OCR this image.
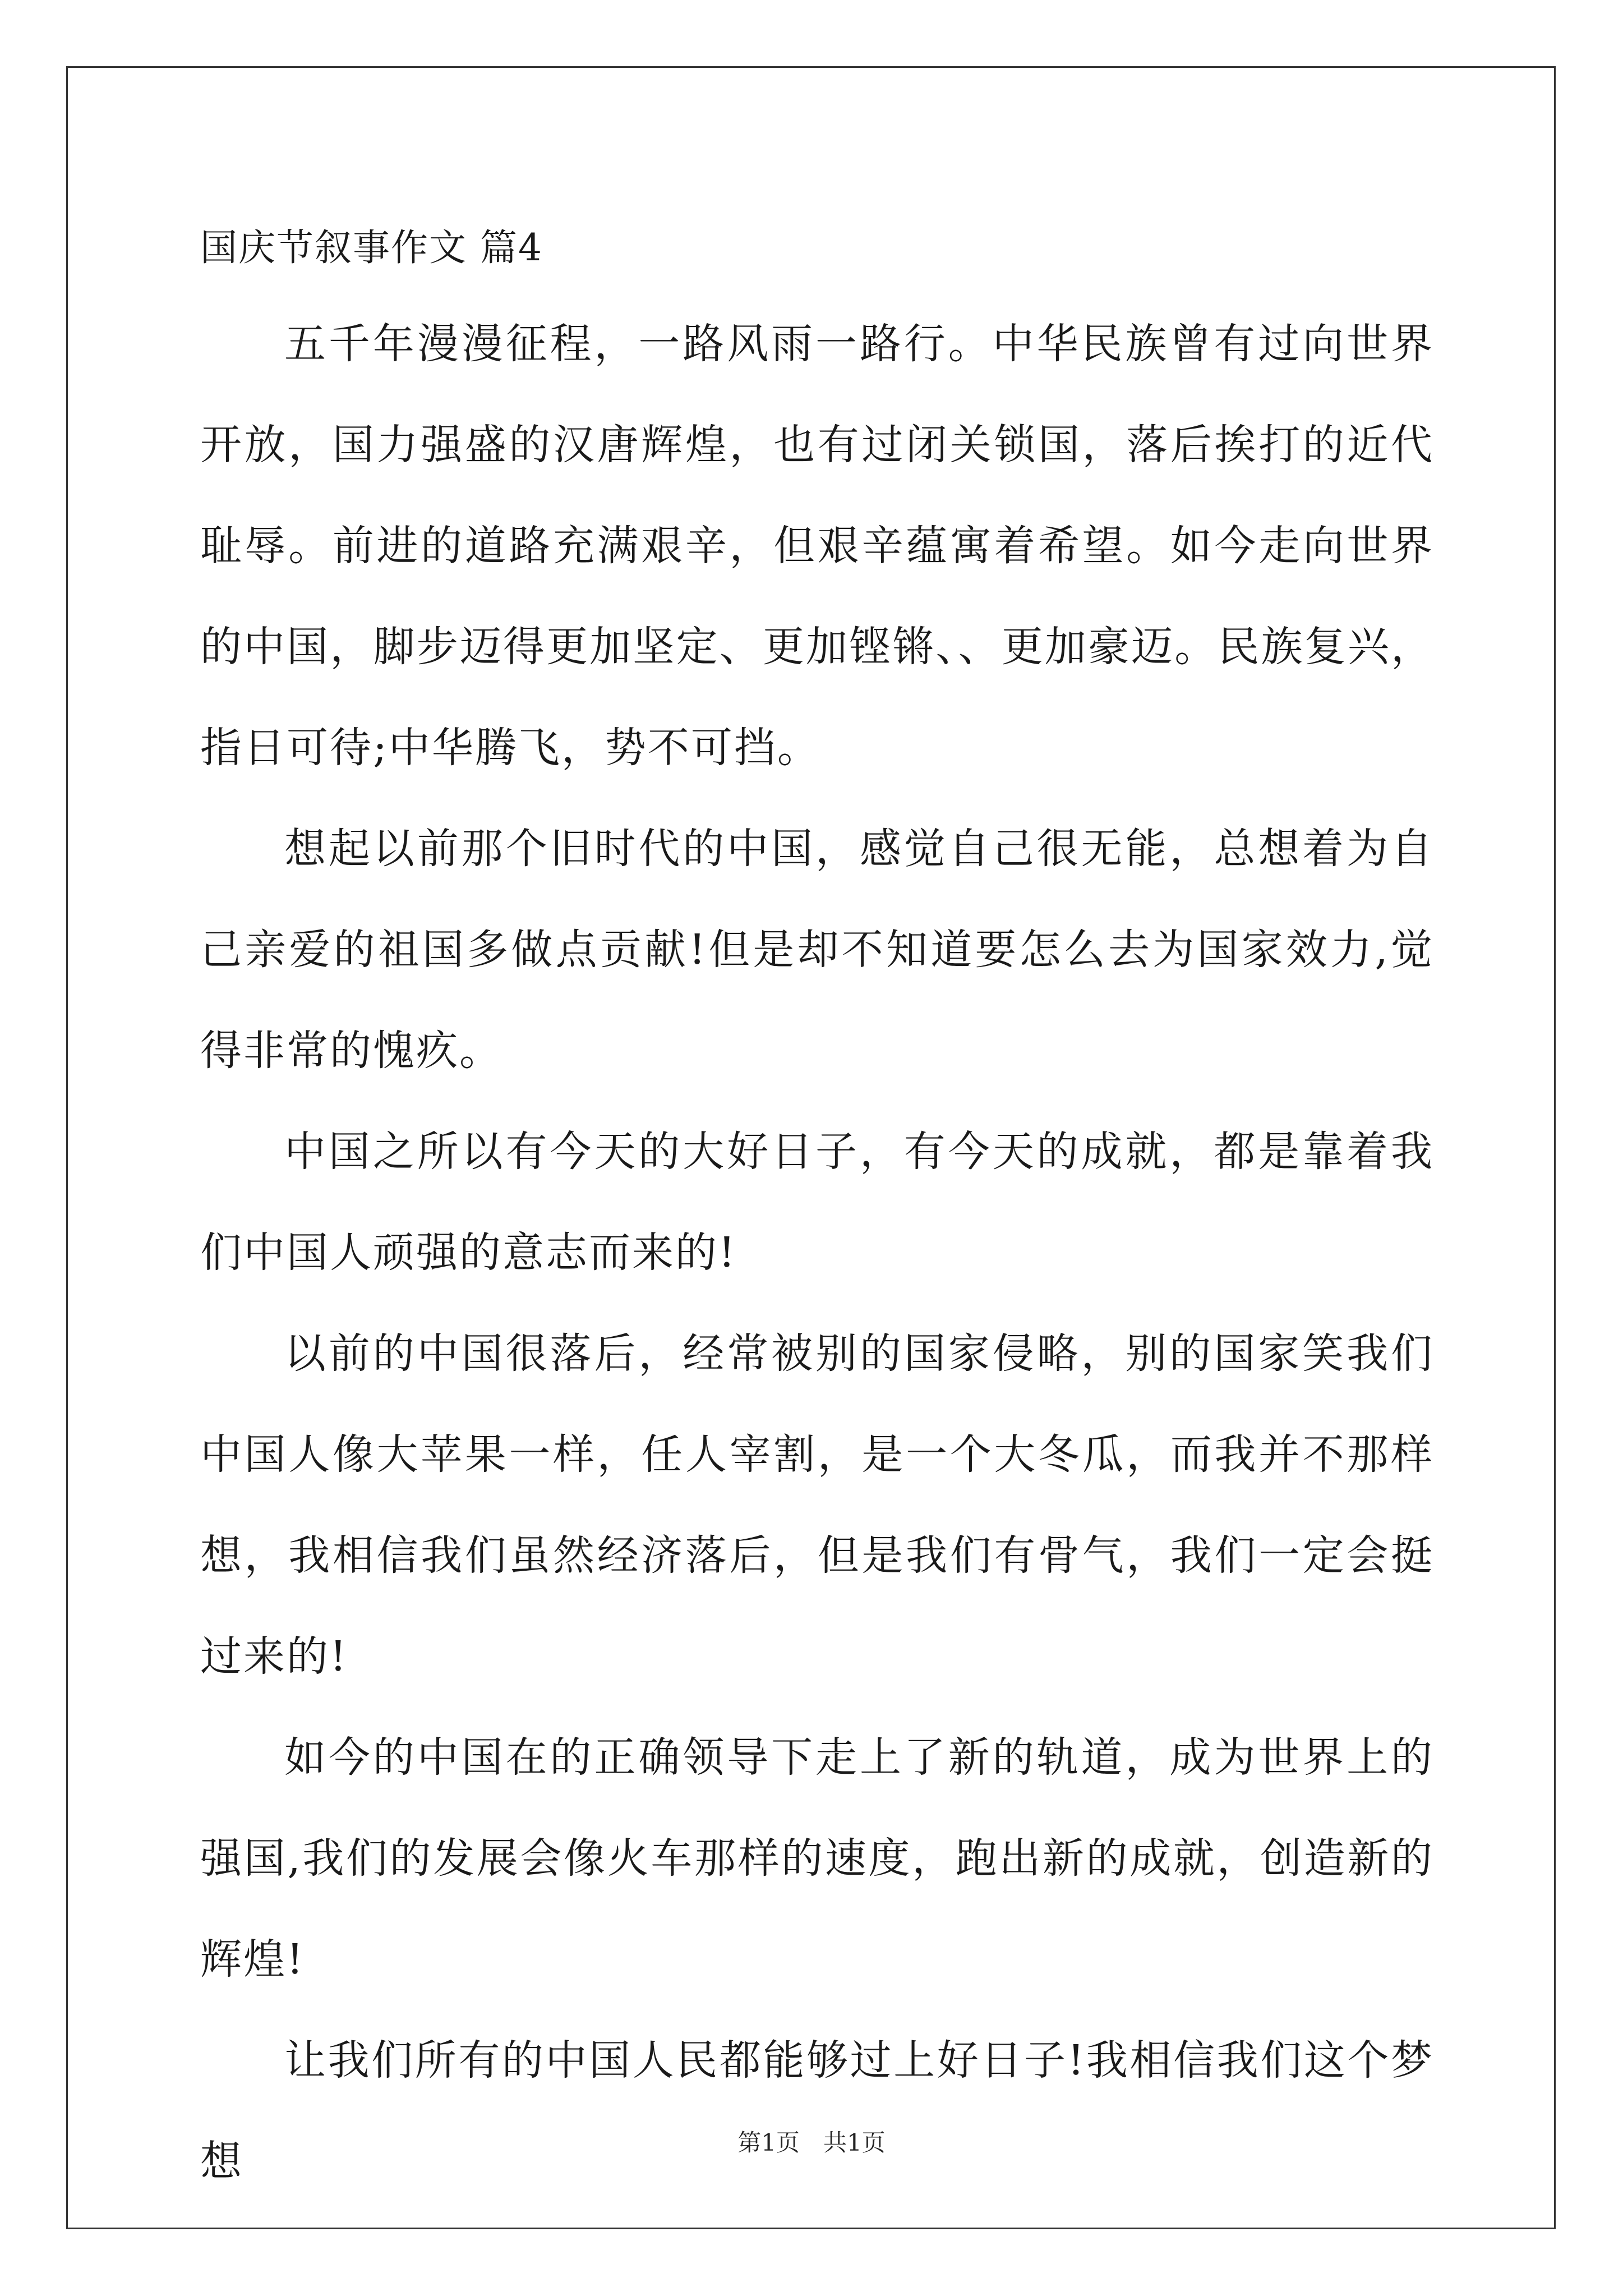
国庆节叙事作文 篇4

五千年漫漫征程，一路风雨一路行。中华民族曾有过向世界开放，国力强盛的汉唐辉煌，也有过闭关锁国，落后挨打的近代耻辱。前进的道路充满艰辛，但艰辛蕴寓着希望。如今走向世界的中国，脚步迈得更加坚定、更加铿锵、、更加豪迈。民族复兴，指日可待;中华腾飞，势不可挡。

想起以前那个旧时代的中国，感觉自己很无能，总想着为自己亲爱的祖国多做点贡献!但是却不知道要怎么去为国家效力,觉得非常的愧疚。

中国之所以有今天的大好日子，有今天的成就，都是靠着我们中国人顽强的意志而来的!

以前的中国很落后，经常被别的国家侵略，别的国家笑我们中国人像大苹果一样，任人宰割，是一个大冬瓜，而我并不那样想，我相信我们虽然经济落后，但是我们有骨气，我们一定会挺过来的!

如今的中国在的正确领导下走上了新的轨道，成为世界上的强国,我们的发展会像火车那样的速度，跑出新的成就，创造新的辉煌!

让我们所有的中国人民都能够过上好日子!我相信我们这个梦想	第1页　共1页
